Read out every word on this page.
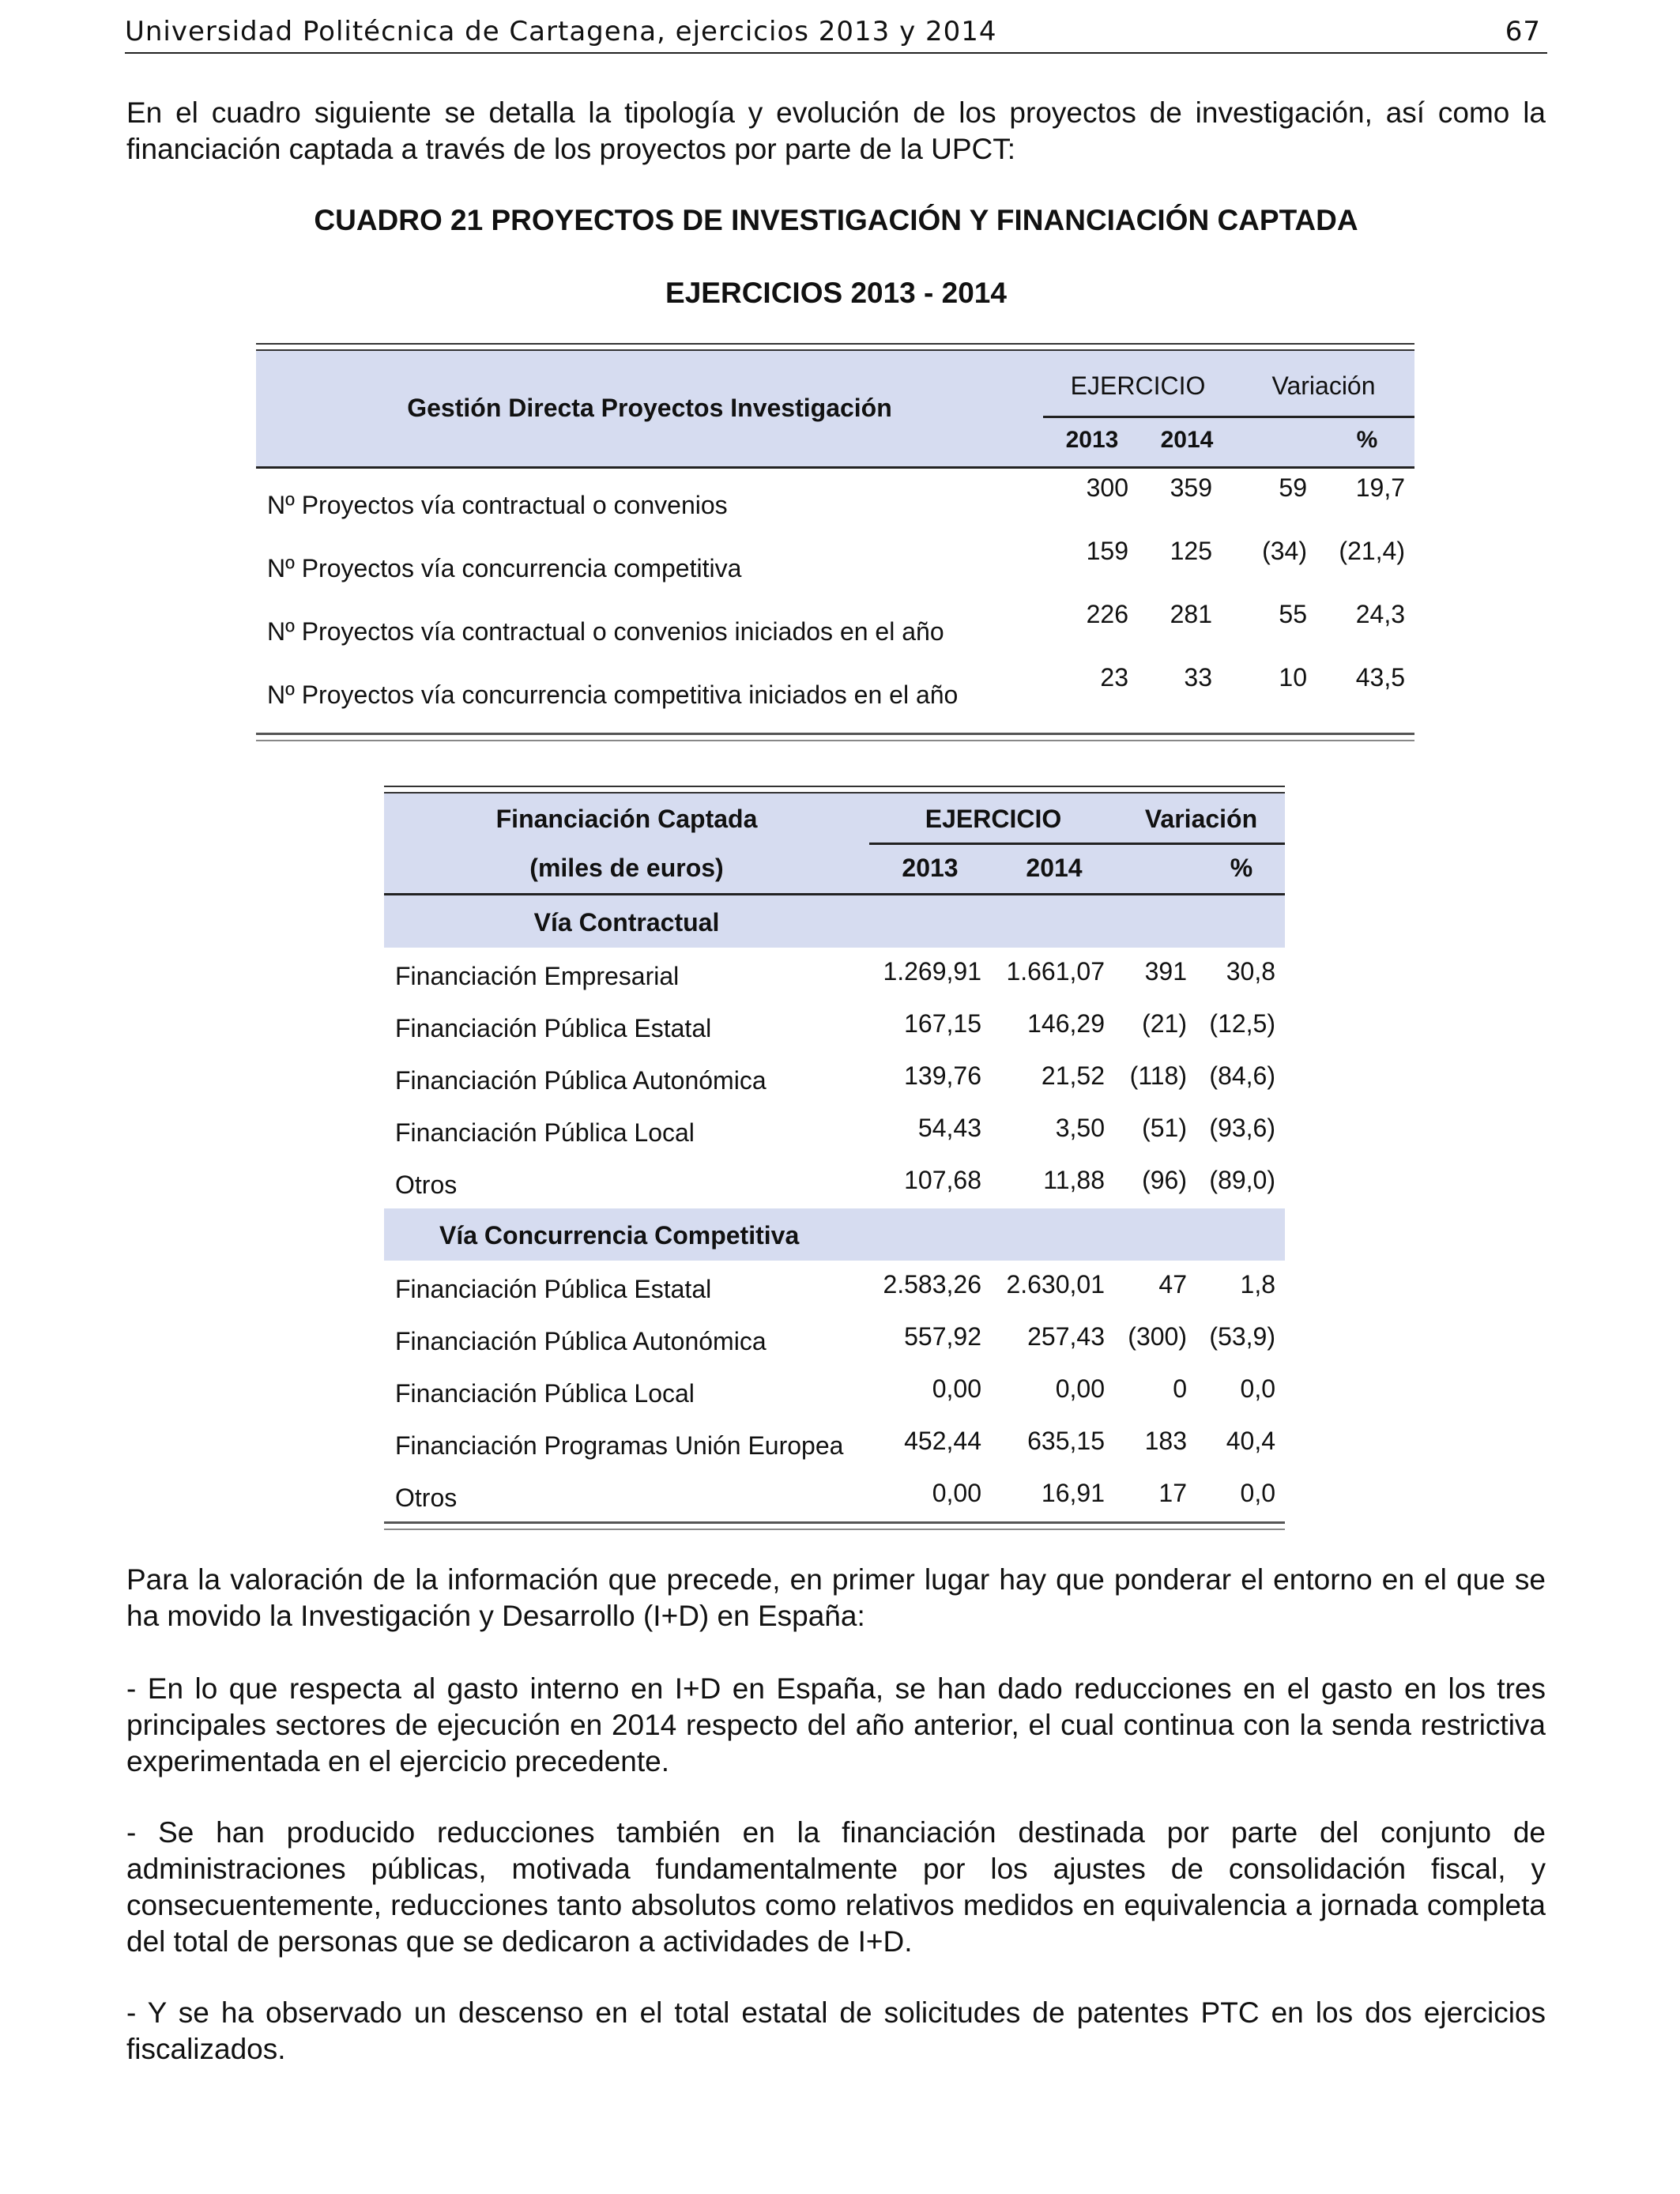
Universidad Politécnica de Cartagena, ejercicios 2013 y 2014	67
En el cuadro siguiente se detalla la tipología y evolución de los proyectos de investigación, así como la financiación captada a través de los proyectos por parte de la UPCT:
CUADRO 21 PROYECTOS DE INVESTIGACIÓN Y FINANCIACIÓN CAPTADA
EJERCICIOS 2013 - 2014
Gestión Directa Proyectos Investigación
EJERCICIO	Variación
2013	2014	%
Nº Proyectos vía contractual o convenios
300 359	59 19,7
Nº Proyectos vía concurrencia competitiva
159 125 (34) (21,4)
Nº Proyectos vía contractual o convenios iniciados en el año
226 281	55 24,3
Nº Proyectos vía concurrencia competitiva iniciados en el año
23 33	10 43,5
Financiación Captada
(miles de euros)
EJERCICIO	Variación
2013	2014	%
Vía Contractual
Financiación Empresarial	1.269,91 1.661,07 391 30,8
Financiación Pública Estatal	167,15 146,29 (21) (12,5)
Financiación Pública Autonómica	139,76 21,52 (118) (84,6)
Financiación Pública Local	54,43	3,50 (51) (93,6)
Otros	107,68 11,88 (96) (89,0)
Vía Concurrencia Competitiva
Financiación Pública Estatal	2.583,26 2.630,01 47 1,8
Financiación Pública Autonómica	557,92 257,43 (300) (53,9)
Financiación Pública Local	0,00	0,00	0 0,0
Financiación Programas Unión Europea 452,44 635,15 183 40,4
Otros	0,00 16,91 17 0,0
Para la valoración de la información que precede, en primer lugar hay que ponderar el entorno en el que se ha movido la Investigación y Desarrollo (I+D) en España:
- En lo que respecta al gasto interno en I+D en España, se han dado reducciones en el gasto en los tres principales sectores de ejecución en 2014 respecto del año anterior, el cual continua con la senda restrictiva experimentada en el ejercicio precedente.
- Se han producido reducciones también en la financiación destinada por parte del conjunto de administraciones públicas, motivada fundamentalmente por los ajustes de consolidación fiscal, y consecuentemente, reducciones tanto absolutos como relativos medidos en equivalencia a jornada completa del total de personas que se dedicaron a actividades de I+D.
- Y se ha observado un descenso en el total estatal de solicitudes de patentes PTC en los dos ejercicios fiscalizados.
